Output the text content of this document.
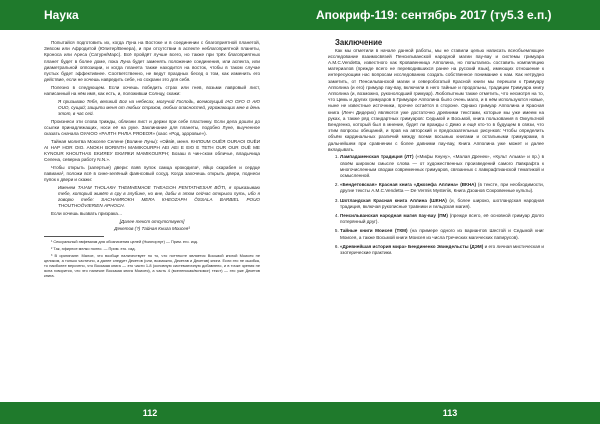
Наука

Попытайся подготовить их, когда Луна на Востоке и в соединении с благоприятной планетой, Зевсом или Афродитой (Юпитер/Венера), и при отсутствии в аспекте неблагоприятной планеты, Кроноса или Ареса (Сатурн/Марс). Всё пройдёт лучше всего, но также при трёх благоприятных планет будет в более доме, пока Луна будет заменять положение соединения, или аспекта, или диаметральной оппозиции, и когда планета также находится на восток, чтобы в таком случае пустых будет эффективнее. Соответственно, не ведут праздных бесед о том, как изменить его действие, если не хочешь навредить себе, но сохрани это для себя.

Полезно в следующем. Если хочешь победить страх или гнев, возьми лавровый лист, написанный на нём имя, как есть, и, положивши Солнцу, скажи:

Я призываю Тебя, великий Бог на небесах, могучий Господь, всемогущий ІАО ОУО О АЮ ОUO, сущий; защити меня от любых страхов, любых опасностей, угрожающих мне в день этот, в час сей.

Произнеси эти слова трижды, облизни лист и держи при себе пластинку. Если дела дошли до ссылки принадлежащих, носи её на руке. Заклинание для планеты, подобно Луне, выученное сказать сначала ОУАІОО «РАЛТН РНЛІА РЯОЕОЯ» (хаос «Род, здоровье»).

Тайная молитва Мокселе Селене (Волине Луны): «Ойвіё, меня. КНЛОUМ ОUЁЯ OURAOI OUЁИ АI НАР HOR OIO. ANOKH BORINTH MAMIKOURPH AEI AEI Е ЕЮ Е ТЕТН OUR OUR ОUЁ ME KYNOUR КНОUTHAS EKИЯЕУ EKИЯКИ MAMIKOURPH; Бозаш в чин-ском обличье, владычица Селена, северна работу N.N.».

Чтобы открыть (запертые) двери: взяв пупок самца крокодила¹, яйцо скарабея и сердце павиана², положи всё в сине-зелёный фаянсовый сосуд. Когда захочешь открыть двери, поднеси пупок к двери и скажи:

Именем ТАІАМ ТНОLАКН ТНЕМНЕМАОЕ ТНЕАGОН РЕNTATHESAR BÖTI, я приказываю тебе, который живёт в сру в глубине, но вне, дабы в этом сейчас открыли путь, ибо я говорю тебе: SACHAMROKH MERA КНЕОZАРН ÖSSALA BARBIEL POUO ТНОUTHOÖVIERIEN АРHOCH.

Если хочешь вызвать призрака…

[Далее текст отсутствует]

Декетов (?) Тайная Книга Моисея³

¹ Сексуальный эвфемизм для обозначения целей (Ньюпорнут) — Прим. его. изд.

² Так, эфирное мелко полно. — Прим. его. изд.

³ В оригинале: Малое, что вообще наличествует по то, что поттексте является Восьмой книгой Моисея не целиком, а только частично, а далее следует Декетов (или, возможно, Декетав и Декетав) книги. Если это не ошибка, то наиболее вероятно, что Восьмая книга — это части 1-8 (основную систематичную добавлено, и в точке зрения не ясна говорится, что это наличие Восьмая книга Моисея), а часть 4 (вселенская/вспомог) текст) — это уже Декетов книга.

112
Апокриф-119: сентябрь 2017 (ту5.3 е.п.)

Заключение

Как мы отметили в начале данной работы, мы не ставили целью написать всеобъемлющее исследование взаимосвязей Пенсильванской народной магии пау-вау и системы гримуара A.M.C.Vendetta, известного как Кровавенница Апполина, но попытались составить компиляцию материалов (прежде всего не переводившихся ранее на русский язык), имеющих отношение к интересующим нас вопросам исследованию создать собственное понимание к нам. Как нетрудно заметить, от Пенсильванской магии и северобогатый Красной книги мы перешли к Гримуару Апполина (и его) гримуар пау-вау, включили в него тайные и продольны, традиции Гримуара книгу Апполина (и, возможно, руконолодший гримуар). Любопытным также отметить, что несмотря на то, что Цемь и других гримуаров в Гримуаре Апполина было очень мало, и в нём используются новые, ныне не известные источники, прочее остаётся в стороне. Однако гримуар Апполина и Красная книга (Ленч Дидерих) являются уже достаточно древними текстами, которые мы уже имеем на руках, а также ряд стандартных гримуаров: Седьмой и Восьмой, книга пользования в Оккультной Бендгенко, который был в мнение, будет ли вражды с Демо и ещё кто-то в будущем в связи, что этим вопросы обещаний, и прав на авторский и предсказательных рисунков: Чтобы определить объём кардинальных различий между всеми восьмью книгами и остальными гримуарами, в дальнейшем при сравнении с более давними пау-вау, Книга Апполина уже может и далее вкладывать.

1. Лампадаменская традиция (ЛТ) («Мифы Кнуну», «Малая Дренек», «Культ Альма» и пр.) в своём широком смысле слова — от художественных произведений самого Лавкрафта к многочисленным сводам современных гримуаров, связанных с лавкрафтианской тематикой и осмысленной.
2. «Бендетовская» Красная книга «Джозефа Аплина» (ВКНА) (в тексте, при необходимости, другие тексты A.M.C.Vendetta — De Vermis Mysteriis, Книга Дзоанов Сокровенные культы).
3. Шотландская Красная книга Аплина (ШКНА) (и, более широко, шотландская народная традиция, включая рукописные травники и гильдская магия).
4. Пенсильванская народная магия пау-вау (ПМ) (прежде всего, её основной гримуар Долго потерянный друг).
5. Тайные книги Моисея (ТКМ) (на примере одного из вариантов Шестой и Седьмой книг Моисея, а также Восьмой книги Моисея из числа Греческих магических папирусов).
6. «Древнейшая история мира» Бендиненко Эвиндельсты (ДЭМ) и его личная мистическая и эзотерические практики.
113
